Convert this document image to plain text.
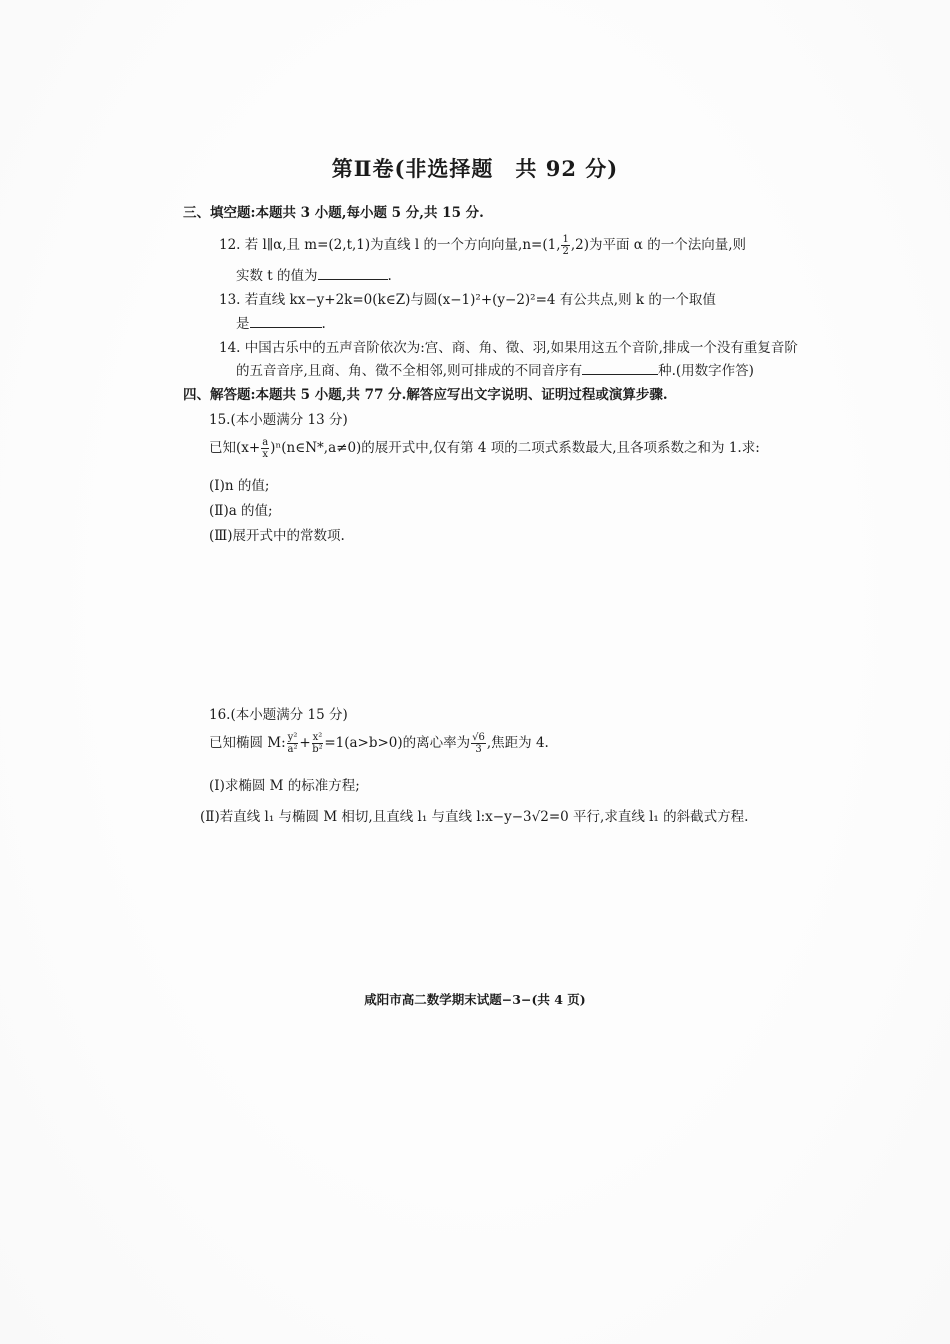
第Ⅱ卷(非选择题　共 92 分)
三、填空题:本题共 3 小题,每小题 5 分,共 15 分.
12. 若 l∥α,且 m=(2,t,1)为直线 l 的一个方向向量,n=(1, $\frac{1}{2} ,2$)为平面 α 的一个法向量,则
实数 t 的值为	.
13. 若直线 kx−y+2k=0(k∈Z)与圆(x−1)²+(y−2)²=4 有公共点,则 k 的一个取值
是	.
14. 中国古乐中的五声音阶依次为:宫、商、角、徵、羽,如果用这五个音阶,排成一个没有重复音阶
的五音音序,且商、角、徵不全相邻,则可排成的不同音序有	种.(用数字作答)
四、解答题:本题共 5 小题,共 77 分.解答应写出文字说明、证明过程或演算步骤.
15.(本小题满分 13 分)
已知($x+ \frac{a}{x}$ )ⁿ(n∈N*,a≠0)的展开式中,仅有第 4 项的二项式系数最大,且各项系数之和为 1.求:
(Ⅰ)n 的值;
(Ⅱ)a 的值;
(Ⅲ)展开式中的常数项.
16.(本小题满分 15 分)
已知椭圆 M: $\frac{\text{y²}}{\text{a²}} + \frac{\text{x²}}{\text{b²}} =1(a>b>0)$的离心率为 $\frac{√6}{3}$ ,焦距为 4.
(Ⅰ)求椭圆 M 的标准方程;
(Ⅱ)若直线 l₁ 与椭圆 M 相切,且直线 l₁ 与直线 l:x−y−3√2=0 平行,求直线 l₁ 的斜截式方程.
咸阳市高二数学期末试题−3−(共 4 页)
